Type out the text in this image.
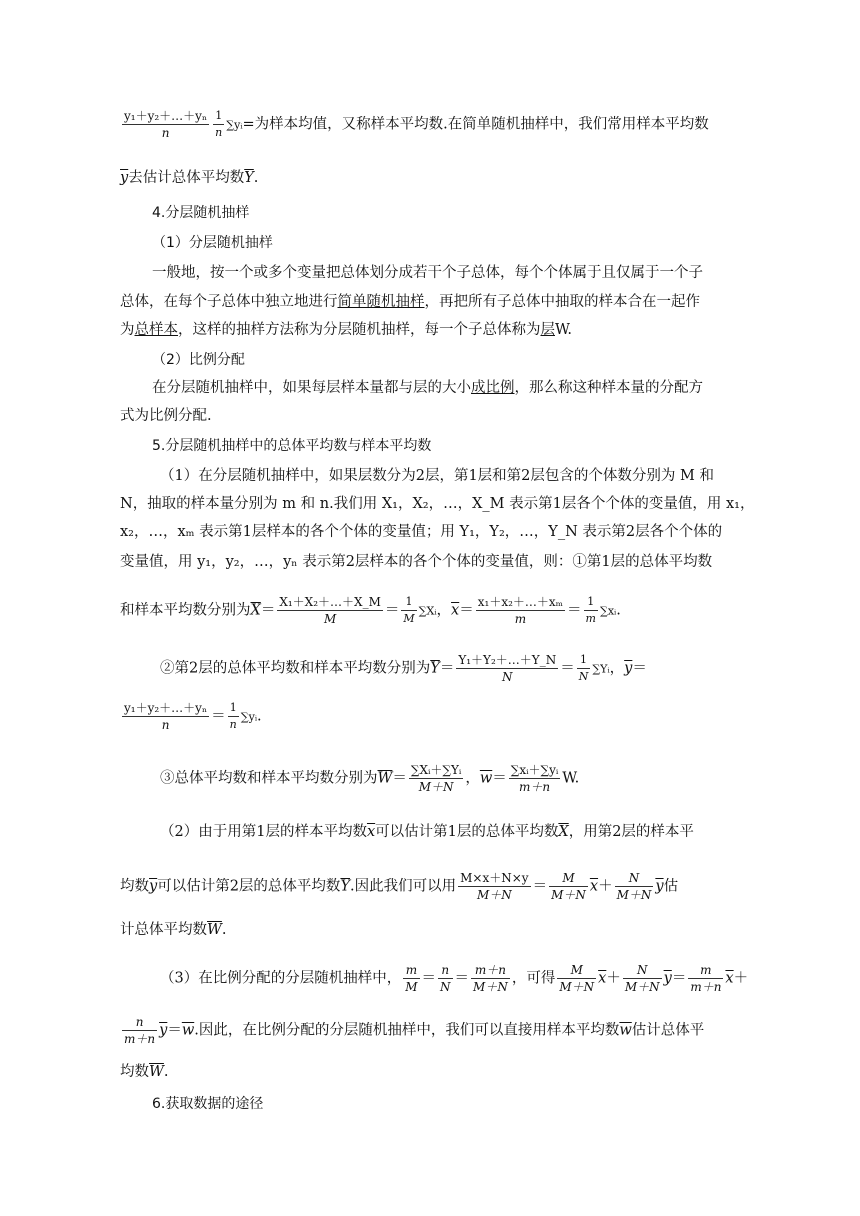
$\frac{\text{y₁＋y₂＋…＋yₙ}}{n} \frac{1}{n}$ ∑yᵢ=为样本均值，又称样本平均数.在简单随机抽样中，我们常用样本平均数
$\overline{y}$去估计总体平均数$\overline{Y}$.
4.分层随机抽样
（1）分层随机抽样
一般地，按一个或多个变量把总体划分成若干个子总体，每个个体属于且仅属于一个子
总体，在每个子总体中独立地进行简单随机抽样，再把所有子总体中抽取的样本合在一起作
为总样本，这样的抽样方法称为分层随机抽样，每一个子总体称为层W.
（2）比例分配
在分层随机抽样中，如果每层样本量都与层的大小成比例，那么称这种样本量的分配方
式为比例分配.
5.分层随机抽样中的总体平均数与样本平均数
（1）在分层随机抽样中，如果层数分为2层，第1层和第2层包含的个体数分别为 M 和
N，抽取的样本量分别为 m 和 n.我们用 X₁，X₂，…，X_M 表示第1层各个个体的变量值，用 x₁，
x₂，…，xₘ 表示第1层样本的各个个体的变量值；用 Y₁，Y₂，…，Y_N 表示第2层各个个体的
变量值，用 y₁，y₂，…，yₙ 表示第2层样本的各个个体的变量值，则：①第1层的总体平均数
和样本平均数分别为$\overline{X}= \frac{\text{X₁＋X₂＋…＋X\_M}}{M} = \frac{1}{M}$ ∑Xᵢ，$\overline{x}= \frac{\text{x₁＋x₂＋…＋xₘ}}{m} = \frac{1}{m}$ ∑xᵢ.
②第2层的总体平均数和样本平均数分别为$\overline{Y}= \frac{\text{Y₁＋Y₂＋…＋Y\_N}}{N} = \frac{1}{N}$ ∑Yᵢ，$\overline{y}=$
$\frac{\text{y₁＋y₂＋…＋yₙ}}{n} = \frac{1}{n}$ ∑yᵢ.
③总体平均数和样本平均数分别为$\overline{W}= \frac{\text{∑Xᵢ＋∑Yᵢ}}{M+N}$ ，$\overline{w}= \frac{\text{∑xᵢ＋∑yᵢ}}{m+n} W$.
（2）由于用第1层的样本平均数$\overline{x}$可以估计第1层的总体平均数$\overline{X}$，用第2层的样本平
均数$\overline{y}$可以估计第2层的总体平均数$\overline{Y}$.因此我们可以用 $\frac{M\times x+N\times y}{M+N} = \frac{M}{M+N} \overline{x}+ \frac{N}{M+N} \overline{y}$估
计总体平均数$\overline{W}$.
（3）在比例分配的分层随机抽样中， $\frac{m}{M} = \frac{n}{N} = \frac{m+n}{M+N}$ ，可得 $\frac{M}{M+N} \overline{x}+ \frac{N}{M+N} \overline{y}= \frac{m}{m+n} \overline{x}+$
$\frac{n}{m+n} \overline{y}=\overline{w}$.因此，在比例分配的分层随机抽样中，我们可以直接用样本平均数$\overline{w}$估计总体平
均数$\overline{W}$.
6.获取数据的途径
